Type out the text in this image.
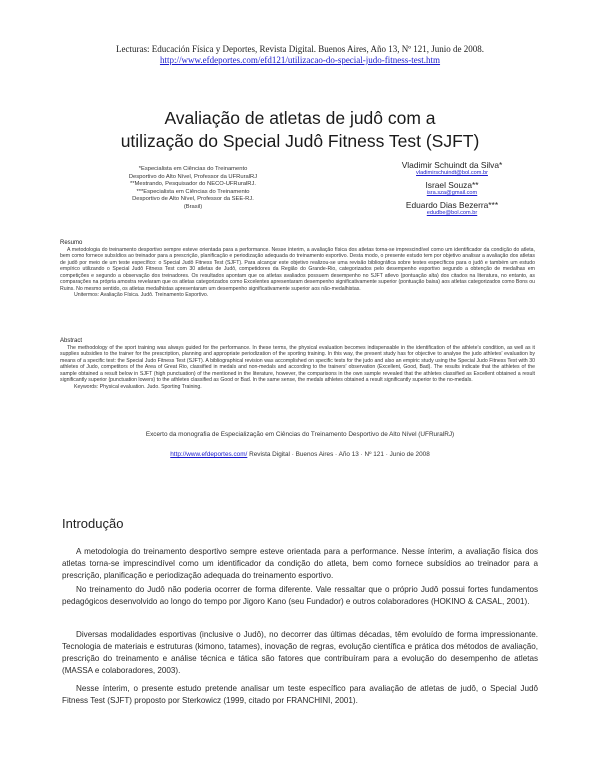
Lecturas: Educación Física y Deportes, Revista Digital. Buenos Aires, Año 13, Nº 121, Junio de 2008.
http://www.efdeportes.com/efd121/utilizacao-do-special-judo-fitness-test.htm
Avaliação de atletas de judô com a
utilização do Special Judô Fitness Test (SJFT)
*Especialista em Ciências do Treinamento
Desportivo do Alto Nível, Professor da UFRuralRJ
**Mestrando, Pesquisador do NECO-UFRuralRJ.
***Especialista em Ciências do Treinamento
Desportivo de Alto Nível, Professor da SEE-RJ.
(Brasil)
Vladimir Schuindt da Silva*
vladimirschuindt@bol.com.br
Israel Souza**
isra.sza@gmail.com
Eduardo Dias Bezerra***
edudbe@bol.com.br
Resumo

A metodologia do treinamento desportivo sempre esteve orientada para a performance. Nesse ínterim, a avaliação física dos atletas torna-se imprescindível como um identificador da condição do atleta, bem como fornece subsídios ao treinador para a prescrição, planificação e periodização adequada do treinamento esportivo. Desta modo, o presente estudo tem por objetivo analisar a avaliação dos atletas de judô por meio de um teste específico: o Special Judô Fitness Test (SJFT). Para alcançar este objetivo realizou-se uma revisão bibliográfica sobre testes específicos para o judô e também um estudo empírico utilizando o Special Judô Fitness Test com 30 atletas de Judô, competidores da Região do Grande-Rio, categorizados pelo desempenho esportivo segundo a obtenção de medalhas em competições e segundo a observação dos treinadores. Os resultados apontam que os atletas avaliados possuem desempenho no SJFT atlevo (pontuação alta) dos citados na literatura, no entanto, as comparações na própria amostra revelaram que os atletas categorizados como Excelentes apresentaram desempenho significativamente superior (pontuação baixa) aos atletas categorizados como Bons ou Ruins. No mesmo sentido, os atletas medalhistas apresentaram um desempenho significativamente superior aos não-medalhistas.

Unitermos: Avaliação Física. Judô. Treinamento Esportivo.

Abstract

The methodology of the sport training was always guided for the performance. In these terms, the physical evaluation becomes indispensable in the identification of the athlete's condition, as well as it supplies subsidies to the trainer for the prescription, planning and appropriate periodization of the sporting training. In this way, the present study has for objective to analyse the judo athletes' evaluation by means of a specific test: the Special Judo Fitness Test (SJFT). A bibliographical revision was accomplished on specific tests for the judo and also an empiric study using the Special Judo Fitness Test with 30 athletes of Judo, competitors of the Area of Great Rio, classified in medals and non-medals and according to the trainers' observation (Excellent, Good, Bad). The results indicate that the athletes of the sample obtained a result below in SJFT (high punctuation) of the mentioned in the literature, however, the comparisons in the own sample revealed that the athletes classified as Excellent obtained a result significantly superior (punctuation lowers) to the athletes classified as Good or Bad. In the same sense, the medals athletes obtained a result significantly superior to the no-medals.

Keywords: Physical evaluation. Judo. Sporting Training.

Excerto da monografia de Especialização em Ciências do Treinamento Desportivo de Alto Nível (UFRuralRJ)
http://www.efdeportes.com/ Revista Digital · Buenos Aires · Año 13 · Nº 121 · Junio de 2008
Introdução

A metodologia do treinamento desportivo sempre esteve orientada para a performance. Nesse ínterim, a avaliação física dos atletas torna-se imprescindível como um identificador da condição do atleta, bem como fornece subsídios ao treinador para a prescrição, planificação e periodização adequada do treinamento esportivo.

No treinamento do Judô não poderia ocorrer de forma diferente. Vale ressaltar que o próprio Judô possui fortes fundamentos pedagógicos desenvolvido ao longo do tempo por Jigoro Kano (seu Fundador) e outros colaboradores (HOKINO & CASAL, 2001).

Diversas modalidades esportivas (inclusive o Judô), no decorrer das últimas décadas, têm evoluído de forma impressionante. Tecnologia de materiais e estruturas (kimono, tatames), inovação de regras, evolução científica e prática dos métodos de avaliação, prescrição do treinamento e análise técnica e tática são fatores que contribuíram para a evolução do desempenho de atletas (MASSA e colaboradores, 2003).

Nesse ínterim, o presente estudo pretende analisar um teste específico para avaliação de atletas de judô, o Special Judô Fitness Test (SJFT) proposto por Sterkowicz (1999, citado por FRANCHINI, 2001).
